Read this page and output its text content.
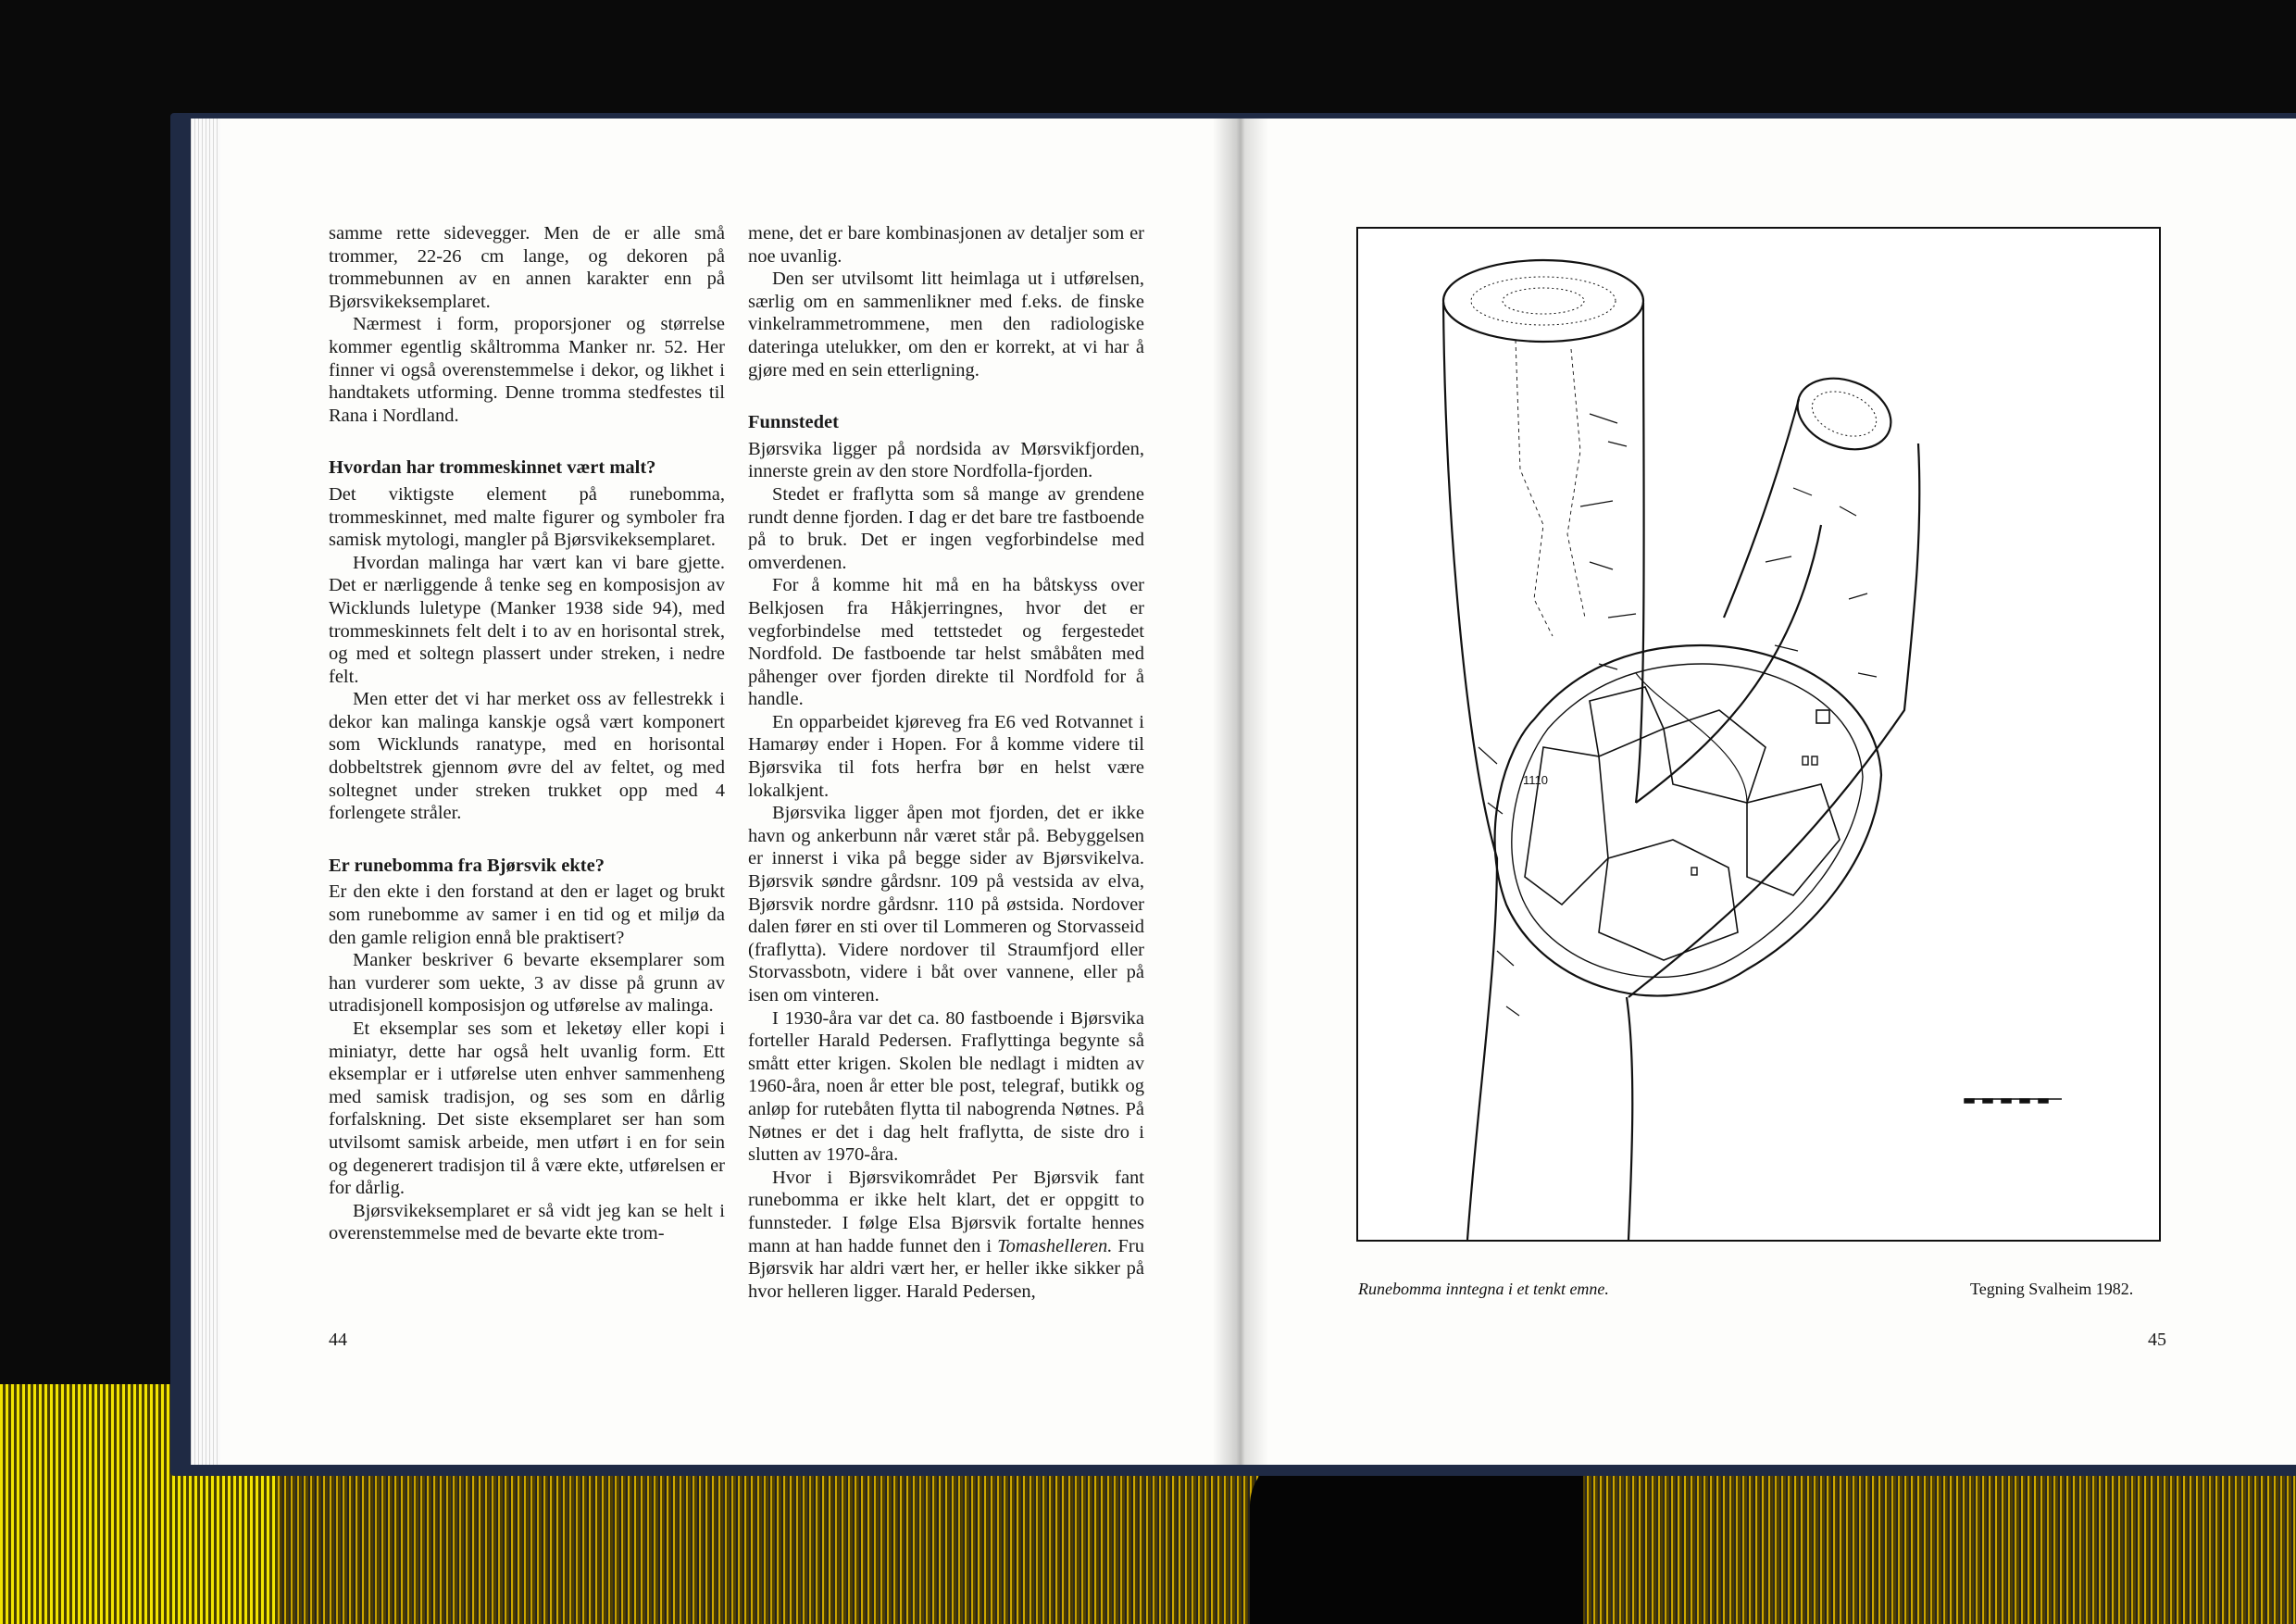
samme rette sidevegger. Men de er alle små trommer, 22-26 cm lange, og dekoren på trommebunnen av en annen karakter enn på Bjørsvikeksemplaret.

Nærmest i form, proporsjoner og størrelse kommer egentlig skåltromma Manker nr. 52. Her finner vi også overenstemmelse i dekor, og likhet i handtakets utforming. Denne tromma stedfestes til Rana i Nordland.

Hvordan har trommeskinnet vært malt?

Det viktigste element på runebomma, trommeskinnet, med malte figurer og symboler fra samisk mytologi, mangler på Bjørsvikeksemplaret.

Hvordan malinga har vært kan vi bare gjette. Det er nærliggende å tenke seg en komposisjon av Wicklunds luletype (Manker 1938 side 94), med trommeskinnets felt delt i to av en horisontal strek, og med et soltegn plassert under streken, i nedre felt.

Men etter det vi har merket oss av fellestrekk i dekor kan malinga kanskje også vært komponert som Wicklunds ranatype, med en horisontal dobbeltstrek gjennom øvre del av feltet, og med soltegnet under streken trukket opp med 4 forlengete stråler.

Er runebomma fra Bjørsvik ekte?

Er den ekte i den forstand at den er laget og brukt som runebomme av samer i en tid og et miljø da den gamle religion ennå ble praktisert?

Manker beskriver 6 bevarte eksemplarer som han vurderer som uekte, 3 av disse på grunn av utradisjonell komposisjon og utførelse av malinga.

Et eksemplar ses som et leketøy eller kopi i miniatyr, dette har også helt uvanlig form. Ett eksemplar er i utførelse uten enhver sammenheng med samisk tradisjon, og ses som en dårlig forfalskning. Det siste eksemplaret ser han som utvilsomt samisk arbeide, men utført i en for sein og degenerert tradisjon til å være ekte, utførelsen er for dårlig.

Bjørsvikeksemplaret er så vidt jeg kan se helt i overenstemmelse med de bevarte ekte trom-

mene, det er bare kombinasjonen av detaljer som er noe uvanlig.

Den ser utvilsomt litt heimlaga ut i utførelsen, særlig om en sammenlikner med f.eks. de finske vinkelrammetrommene, men den radiologiske dateringa utelukker, om den er korrekt, at vi har å gjøre med en sein etterligning.

Funnstedet

Bjørsvika ligger på nordsida av Mørsvikfjorden, innerste grein av den store Nordfolla-fjorden.

Stedet er fraflytta som så mange av grendene rundt denne fjorden. I dag er det bare tre fastboende på to bruk. Det er ingen vegforbindelse med omverdenen.

For å komme hit må en ha båtskyss over Belkjosen fra Håkjerringnes, hvor det er vegforbindelse med tettstedet og fergestedet Nordfold. De fastboende tar helst småbåten med påhenger over fjorden direkte til Nordfold for å handle.

En opparbeidet kjøreveg fra E6 ved Rotvannet i Hamarøy ender i Hopen. For å komme videre til Bjørsvika til fots herfra bør en helst være lokalkjent.

Bjørsvika ligger åpen mot fjorden, det er ikke havn og ankerbunn når været står på. Bebyggelsen er innerst i vika på begge sider av Bjørsvikelva. Bjørsvik søndre gårdsnr. 109 på vestsida av elva, Bjørsvik nordre gårdsnr. 110 på østsida. Nordover dalen fører en sti over til Lommeren og Storvasseid (fraflytta). Videre nordover til Straumfjord eller Storvassbotn, videre i båt over vannene, eller på isen om vinteren.

I 1930-åra var det ca. 80 fastboende i Bjørsvika forteller Harald Pedersen. Fraflyttinga begynte så smått etter krigen. Skolen ble nedlagt i midten av 1960-åra, noen år etter ble post, telegraf, butikk og anløp for rutebåten flytta til nabogrenda Nøtnes. På Nøtnes er det i dag helt fraflytta, de siste dro i slutten av 1970-åra.

Hvor i Bjørsvikområdet Per Bjørsvik fant runebomma er ikke helt klart, det er oppgitt to funnsteder. I følge Elsa Bjørsvik fortalte hennes mann at han hadde funnet den i Tomashelleren. Fru Bjørsvik har aldri vært her, er heller ikke sikker på hvor helleren ligger. Harald Pedersen,

44
1110
Runebomma inntegna i et tenkt emne.	Tegning Svalheim 1982.
45
